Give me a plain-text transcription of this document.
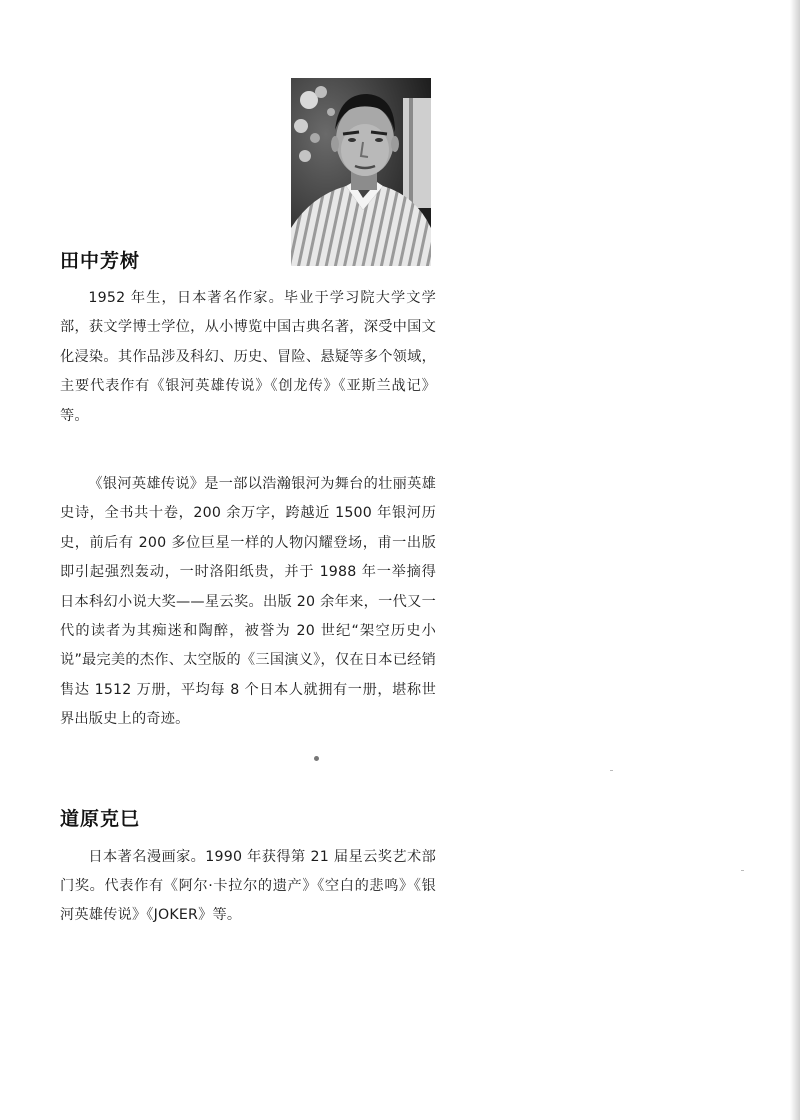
田中芳树

1952 年生，日本著名作家。毕业于学习院大学文学部，获文学博士学位，从小博览中国古典名著，深受中国文化浸染。其作品涉及科幻、历史、冒险、悬疑等多个领域，主要代表作有《银河英雄传说》《创龙传》《亚斯兰战记》等。

《银河英雄传说》是一部以浩瀚银河为舞台的壮丽英雄史诗，全书共十卷，200 余万字，跨越近 1500 年银河历史，前后有 200 多位巨星一样的人物闪耀登场，甫一出版即引起强烈轰动，一时洛阳纸贵，并于 1988 年一举摘得日本科幻小说大奖——星云奖。出版 20 余年来，一代又一代的读者为其痴迷和陶醉，被誉为 20 世纪“架空历史小说”最完美的杰作、太空版的《三国演义》，仅在日本已经销售达 1512 万册，平均每 8 个日本人就拥有一册，堪称世界出版史上的奇迹。

道原克巳

日本著名漫画家。1990 年获得第 21 届星云奖艺术部门奖。代表作有《阿尔·卡拉尔的遗产》《空白的悲鸣》《银河英雄传说》《JOKER》等。
